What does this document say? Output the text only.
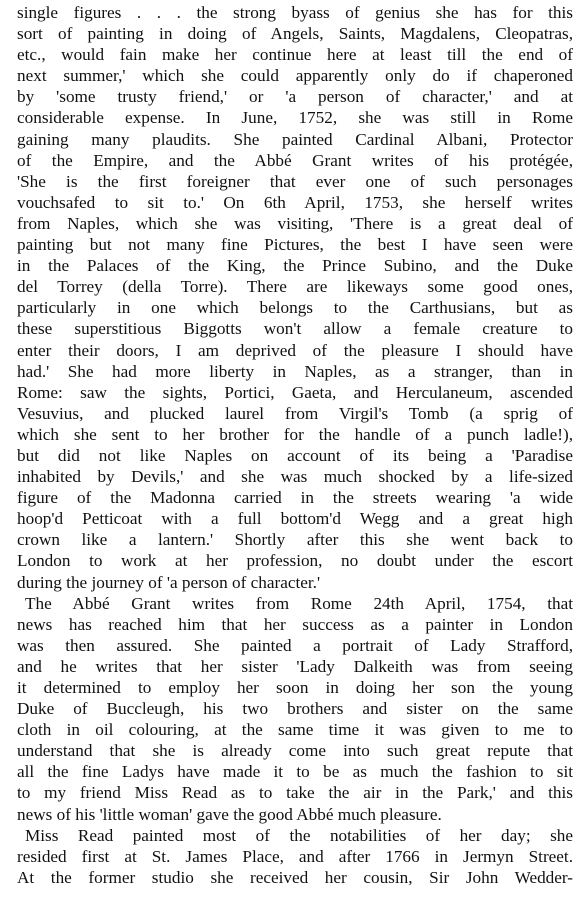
single figures . . . the strong byass of genius she has for this
sort of painting in doing of Angels, Saints, Magdalens, Cleopatras,
etc., would fain make her continue here at least till the end of
next summer,' which she could apparently only do if chaperoned
by 'some trusty friend,' or 'a person of character,' and at
considerable expense. In June, 1752, she was still in Rome
gaining many plaudits. She painted Cardinal Albani, Protector
of the Empire, and the Abbé Grant writes of his protégée,
'She is the first foreigner that ever one of such personages
vouchsafed to sit to.' On 6th April, 1753, she herself writes
from Naples, which she was visiting, 'There is a great deal of
painting but not many fine Pictures, the best I have seen were
in the Palaces of the King, the Prince Subino, and the Duke
del Torrey (della Torre). There are likeways some good ones,
particularly in one which belongs to the Carthusians, but as
these superstitious Biggotts won't allow a female creature to
enter their doors, I am deprived of the pleasure I should have
had.' She had more liberty in Naples, as a stranger, than in
Rome: saw the sights, Portici, Gaeta, and Herculaneum, ascended
Vesuvius, and plucked laurel from Virgil's Tomb (a sprig of
which she sent to her brother for the handle of a punch ladle!),
but did not like Naples on account of its being a 'Paradise
inhabited by Devils,' and she was much shocked by a life-sized
figure of the Madonna carried in the streets wearing 'a wide
hoop'd Petticoat with a full bottom'd Wegg and a great high
crown like a lantern.' Shortly after this she went back to
London to work at her profession, no doubt under the escort
during the journey of 'a person of character.'
The Abbé Grant writes from Rome 24th April, 1754, that
news has reached him that her success as a painter in London
was then assured. She painted a portrait of Lady Strafford,
and he writes that her sister 'Lady Dalkeith was from seeing
it determined to employ her soon in doing her son the young
Duke of Buccleugh, his two brothers and sister on the same
cloth in oil colouring, at the same time it was given to me to
understand that she is already come into such great repute that
all the fine Ladys have made it to be as much the fashion to sit
to my friend Miss Read as to take the air in the Park,' and this
news of his 'little woman' gave the good Abbé much pleasure.
Miss Read painted most of the notabilities of her day; she
resided first at St. James Place, and after 1766 in Jermyn Street.
At the former studio she received her cousin, Sir John Wedder-
